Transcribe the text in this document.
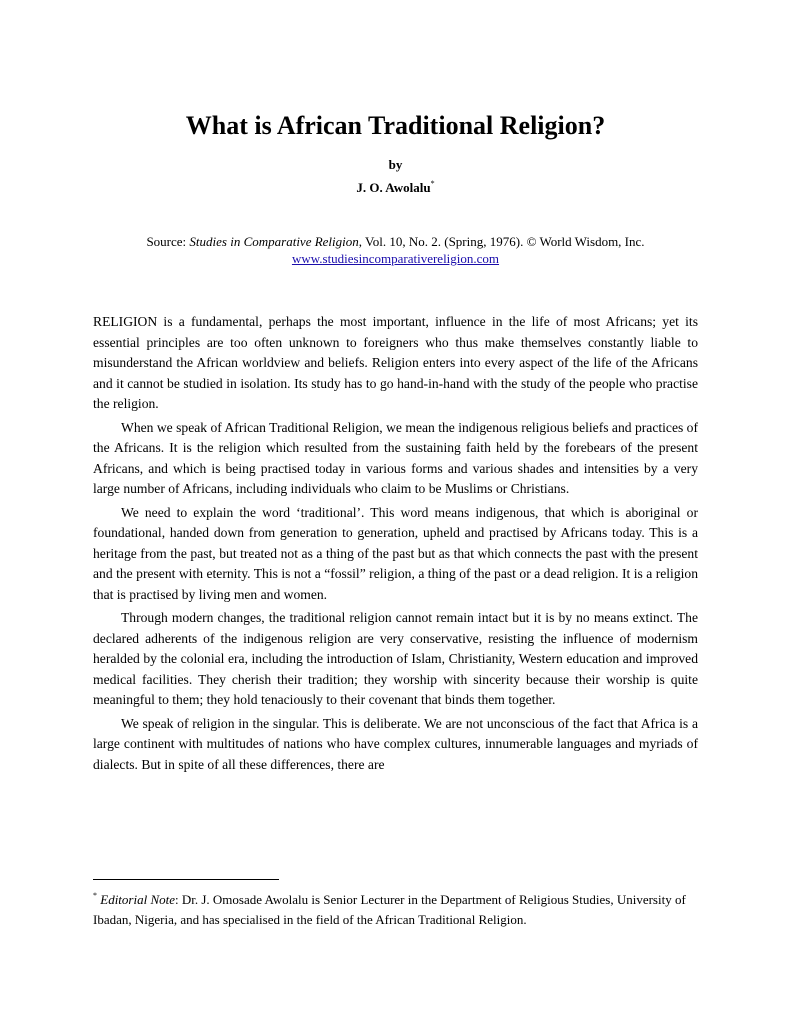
What is African Traditional Religion?
by
J. O. Awolalu*
Source: Studies in Comparative Religion, Vol. 10, No. 2. (Spring, 1976). © World Wisdom, Inc.
www.studiesincomparativereligion.com

RELIGION is a fundamental, perhaps the most important, influence in the life of most Africans; yet its essential principles are too often unknown to foreigners who thus make themselves constantly liable to misunderstand the African worldview and beliefs. Religion enters into every aspect of the life of the Africans and it cannot be studied in isolation. Its study has to go hand-in-hand with the study of the people who practise the religion.

When we speak of African Traditional Religion, we mean the indigenous religious beliefs and practices of the Africans. It is the religion which resulted from the sustaining faith held by the forebears of the present Africans, and which is being practised today in various forms and various shades and intensities by a very large number of Africans, including individuals who claim to be Muslims or Christians.

We need to explain the word ‘traditional’. This word means indigenous, that which is aboriginal or foundational, handed down from generation to generation, upheld and practised by Africans today. This is a heritage from the past, but treated not as a thing of the past but as that which connects the past with the present and the present with eternity. This is not a “fossil” religion, a thing of the past or a dead religion. It is a religion that is practised by living men and women.

Through modern changes, the traditional religion cannot remain intact but it is by no means extinct. The declared adherents of the indigenous religion are very conservative, resisting the influence of modernism heralded by the colonial era, including the introduction of Islam, Christianity, Western education and improved medical facilities. They cherish their tradition; they worship with sincerity because their worship is quite meaningful to them; they hold tenaciously to their covenant that binds them together.

We speak of religion in the singular. This is deliberate. We are not unconscious of the fact that Africa is a large continent with multitudes of nations who have complex cultures, innumerable languages and myriads of dialects. But in spite of all these differences, there are

* Editorial Note: Dr. J. Omosade Awolalu is Senior Lecturer in the Department of Religious Studies, University of Ibadan, Nigeria, and has specialised in the field of the African Traditional Religion.
